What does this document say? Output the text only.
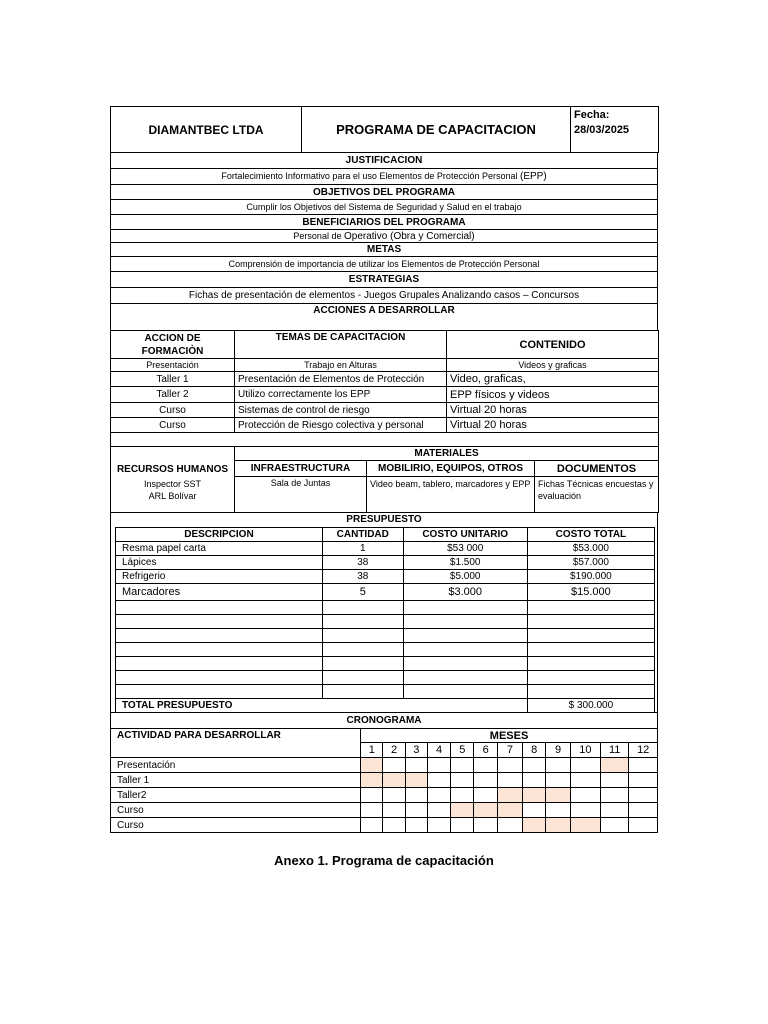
DIAMANTBEC LTDA	PROGRAMA DE CAPACITACION	
Fecha:
28/03/2025
JUSTIFICACION
Fortalecimiento Informativo para el uso Elementos de Protección Personal (EPP)
OBJETIVOS DEL PROGRAMA
Cumplir los Objetivos del Sistema de Seguridad y Salud en el trabajo
BENEFICIARIOS DEL PROGRAMA
Personal de Operativo (Obra y Comercial)
METAS
Comprensión de importancia de utilizar los Elementos de Protección Personal
ESTRATEGIAS
Fichas de presentación de elementos - Juegos Grupales Analizando casos – Concursos
ACCIONES A DESARROLLAR
ACCION DE FORMACIÒN	TEMAS DE CAPACITACION	CONTENIDO
Presentación	Trabajo en Alturas	Videos y graficas
Taller 1	Presentación de Elementos de Protección	Video, graficas,
Taller 2	Utilizo correctamente los EPP	EPP físicos y videos
Curso	Sistemas de control de riesgo	Virtual 20 horas
Curso	Protección de Riesgo colectiva y personal	Virtual 20 horas

RECURSOS HUMANOS	MATERIALES		
	INFRAESTRUCTURA	MOBILIRIO, EQUIPOS, OTROS	DOCUMENTOS

Inspector SST
ARL Bolívar	Sala de Juntas	Video beam, tablero, marcadores y EPP	Fichas Técnicas encuestas y evaluación
PRESUPUESTO
DESCRIPCION	CANTIDAD	COSTO UNITARIO	COSTO TOTAL
Resma papel carta	1	$53 000	$53.000
Lápices	38	$1.500	$57.000
Refrigerio	38	$5.000	$190.000
Marcadores	5	$3.000	$15.000

TOTAL PRESUPUESTO			$ 300.000
CRONOGRAMA												
ACTIVIDAD PARA DESARROLLAR	MESES											
	1	2	3	4	5	6	7	8	9	10	11	12
Presentación												
Taller 1												
Taller2												
Curso												
Curso												
Anexo 1. Programa de capacitación
